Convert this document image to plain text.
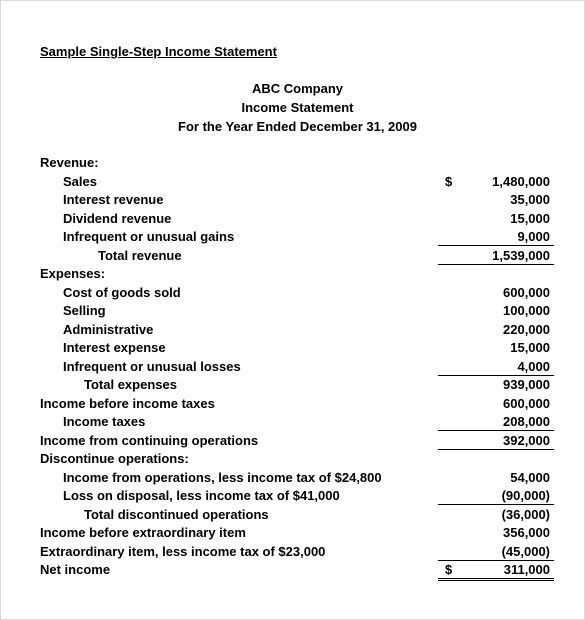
Sample Single-Step Income Statement
ABC Company
Income Statement
For the Year Ended December 31, 2009
Revenue:
Sales	$	1,480,000
Interest revenue	35,000
Dividend revenue	15,000
Infrequent or unusual gains	9,000
Total revenue	1,539,000
Expenses:
Cost of goods sold	600,000
Selling	100,000
Administrative	220,000
Interest expense	15,000
Infrequent or unusual losses	4,000
Total expenses	939,000
Income before income taxes	600,000
Income taxes	208,000
Income from continuing operations	392,000
Discontinue operations:
Income from operations, less income tax of $24,800	54,000
Loss on disposal, less income tax of $41,000	(90,000)
Total discontinued operations	(36,000)
Income before extraordinary item	356,000
Extraordinary item, less income tax of $23,000	(45,000)
Net income	$	311,000
